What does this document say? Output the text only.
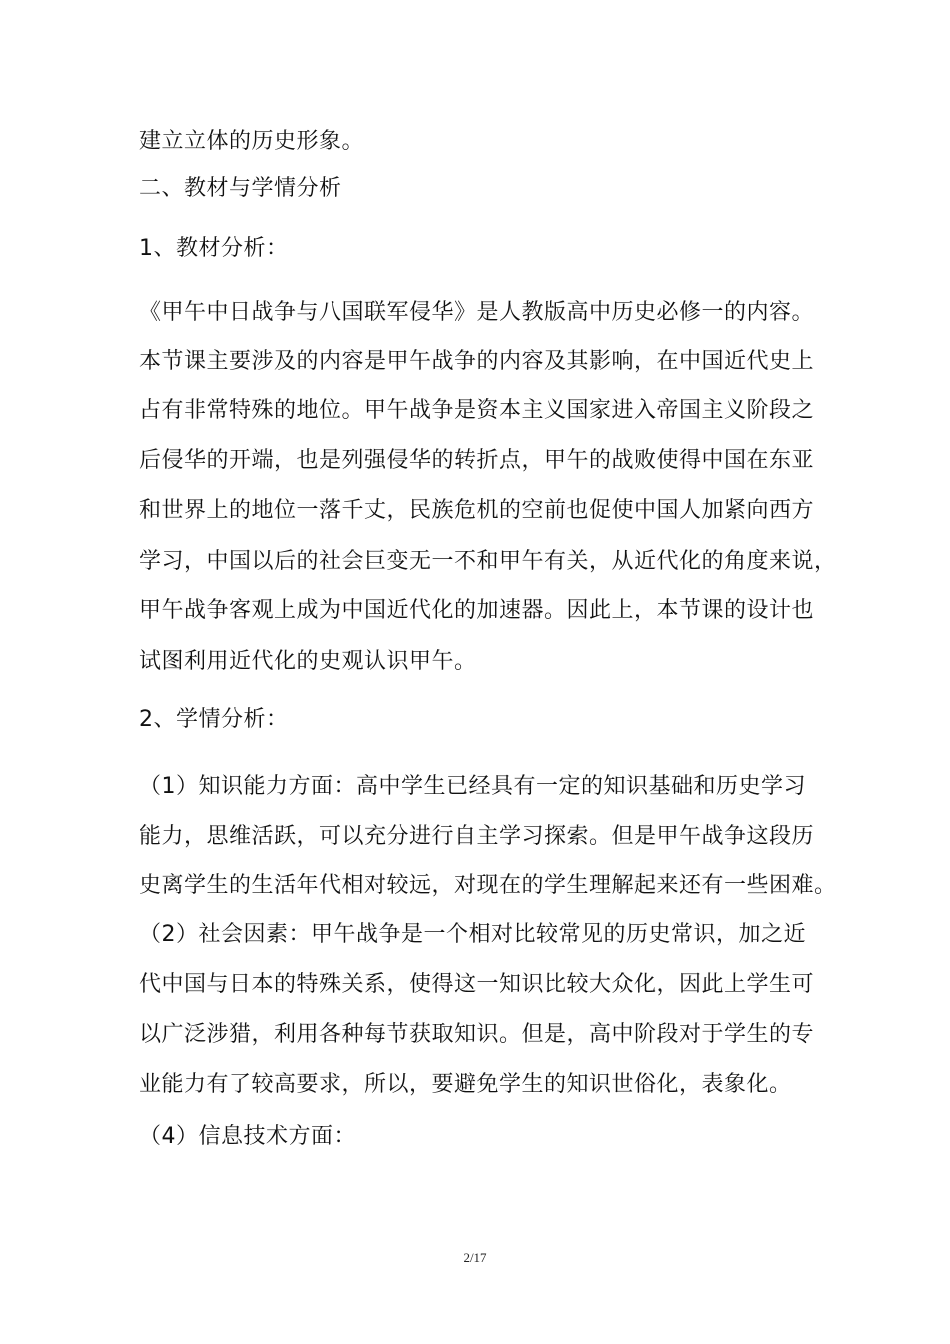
建立立体的历史形象。
二、教材与学情分析
1、教材分析：
《甲午中日战争与八国联军侵华》是人教版高中历史必修一的内容。
本节课主要涉及的内容是甲午战争的内容及其影响，在中国近代史上
占有非常特殊的地位。甲午战争是资本主义国家进入帝国主义阶段之
后侵华的开端，也是列强侵华的转折点，甲午的战败使得中国在东亚
和世界上的地位一落千丈，民族危机的空前也促使中国人加紧向西方
学习，中国以后的社会巨变无一不和甲午有关，从近代化的角度来说，
甲午战争客观上成为中国近代化的加速器。因此上，本节课的设计也
试图利用近代化的史观认识甲午。
2、学情分析：
（1）知识能力方面：高中学生已经具有一定的知识基础和历史学习
能力，思维活跃，可以充分进行自主学习探索。但是甲午战争这段历
史离学生的生活年代相对较远，对现在的学生理解起来还有一些困难。
（2）社会因素：甲午战争是一个相对比较常见的历史常识，加之近
代中国与日本的特殊关系，使得这一知识比较大众化，因此上学生可
以广泛涉猎，利用各种每节获取知识。但是，高中阶段对于学生的专
业能力有了较高要求，所以，要避免学生的知识世俗化，表象化。
（4）信息技术方面：
2/17
